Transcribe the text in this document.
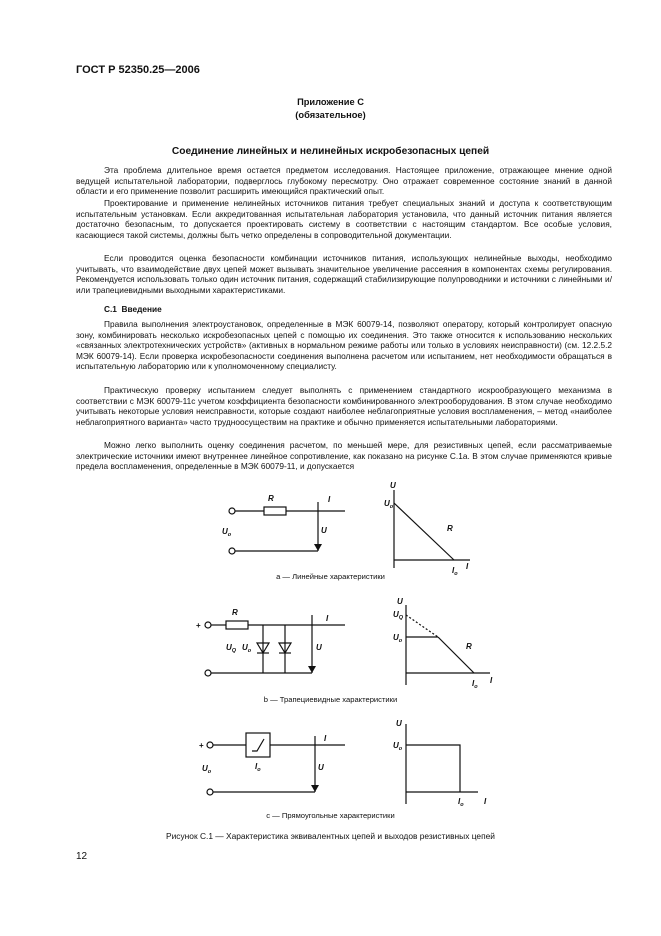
ГОСТ Р 52350.25—2006
Приложение С
(обязательное)
Соединение линейных и нелинейных искробезопасных цепей

Эта проблема длительное время остается предметом исследования. Настоящее приложение, отражающее мнение одной ведущей испытательной лаборатории, подверглось глубокому пересмотру. Оно отражает современное состояние знаний в данной области и его применение позволит расширить имеющийся практический опыт.

Проектирование и применение нелинейных источников питания требует специальных знаний и доступа к соответствующим испытательным установкам. Если аккредитованная испытательная лаборатория установила, что данный источник питания является достаточно безопасным, то допускается проектировать систему в соответствии с настоящим стандартом. Все особые условия, касающиеся такой системы, должны быть четко определены в сопроводительной документации.

Если проводится оценка безопасности комбинации источников питания, использующих нелинейные выходы, необходимо учитывать, что взаимодействие двух цепей может вызывать значительное увеличение рассеяния в компонентах схемы регулирования. Рекомендуется использовать только один источник питания, содержащий стабилизирующие полупроводники и источники с линейными и/или трапециевидными выходными характеристиками.

С.1 Введение

Правила выполнения электроустановок, определенные в МЭК 60079-14, позволяют оператору, который контролирует опасную зону, комбинировать несколько искробезопасных цепей с помощью их соединения. Это также относится к использованию нескольких «связанных электротехнических устройств» (активных в нормальном режиме работы или только в условиях неисправности) (см. 12.2.5.2 МЭК 60079-14). Если проверка искробезопасности соединения выполнена расчетом или испытанием, нет необходимости обращаться в испытательную лабораторию или к уполномоченному специалисту.

Практическую проверку испытанием следует выполнять с применением стандартного искрообразующего механизма в соответствии с МЭК 60079-11с учетом коэффициента безопасности комбинированного электрооборудования. В этом случае необходимо учитывать некоторые условия неисправности, которые создают наиболее неблагоприятные условия воспламенения, – метод «наиболее неблагоприятного варианта» часто труднооcуществим на практике и обычно применяется испытательными лабораториями.

Можно легко выполнить оценку соединения расчетом, по меньшей мере, для резистивных цепей, если рассматриваемые электрические источники имеют внутреннее линейное сопротивление, как показано на рисунке С.1а. В этом случае применяются кривые предела воспламенения, определенные в МЭК 60079-11, и допускается

R	I
U
$U_o$
U
$U_o$
R
$I_o$
I
а — Линейные характеристики
+
R
I
U
$U_Q$ $U_o$
U
$U_Q$
$U_o$
R
$I_o$
I
b — Трапециевидные характеристики
+
I
U
$U_o$
$I_o$
U
$U_o$
$I_o$	I
с — Прямоугольные характеристики
Рисунок С.1 — Характеристика эквивалентных цепей и выходов резистивных цепей
12
